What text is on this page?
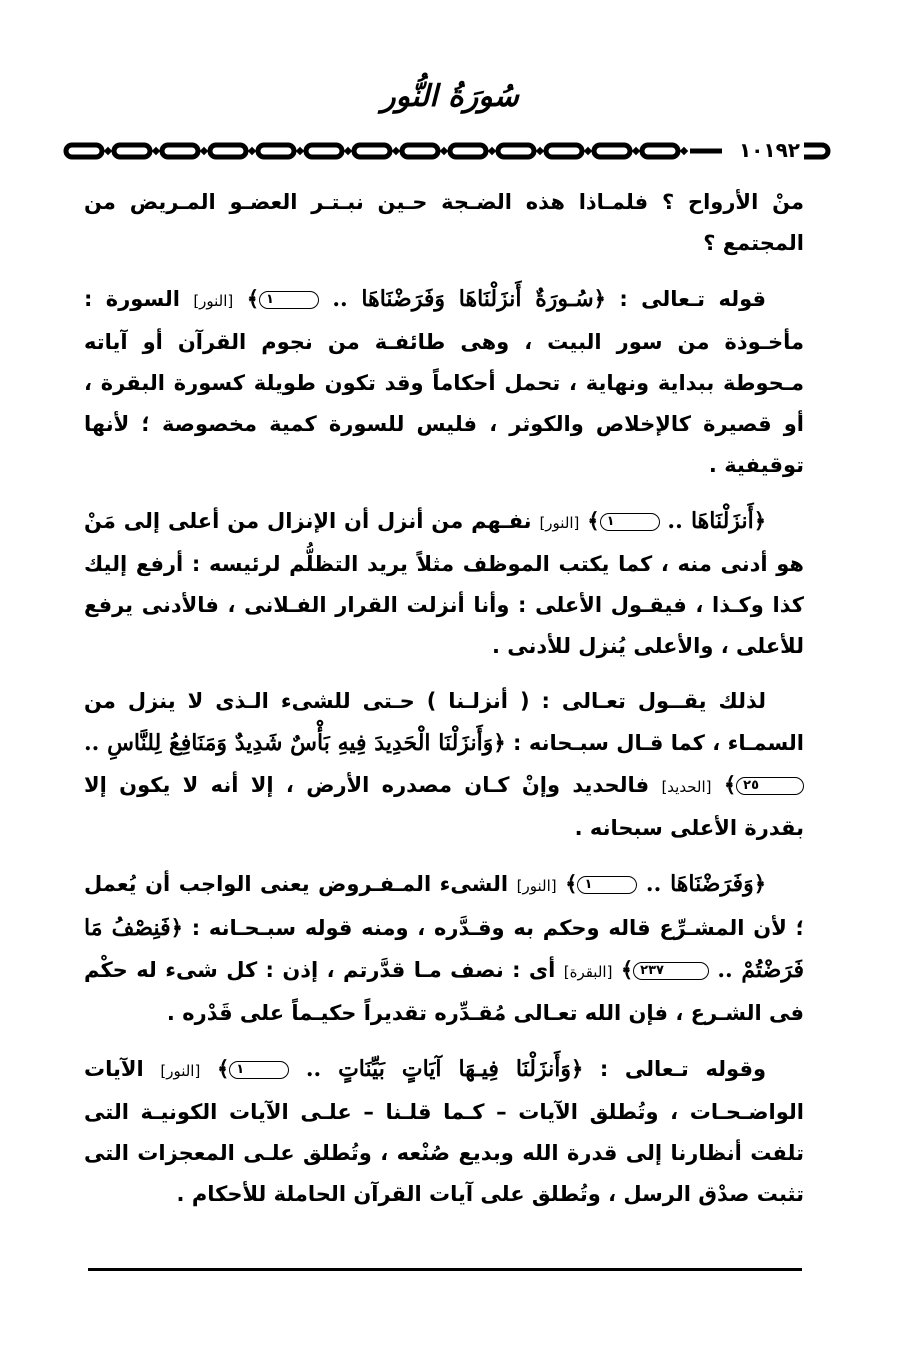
سُورَةُ النُّور
١٠١٩٢

منْ الأرواح ؟ فلمـاذا هذه الضـجة حـين نبـتـر العضـو المـريض من المجتمع ؟

قوله تـعالى : ﴿سُـورَةٌ أَنزَلْنَاهَا وَفَرَضْنَاهَا .. ١﴾ [النور] السورة : مأخـوذة من سور البيت ، وهى طائفـة من نجوم القرآن أو آياته مـحوطة ببداية ونهاية ، تحمل أحكاماً وقد تكون طويلة كسورة البقرة ، أو قصيرة كالإخلاص والكوثر ، فليس للسورة كمية مخصوصة ؛ لأنها توقيفية .

﴿أَنزَلْنَاهَا .. ١﴾ [النور] نفـهم من أنزل أن الإنزال من أعلى إلى مَنْ هو أدنى منه ، كما يكتب الموظف مثلاً يريد التظلُّم لرئيسه : أرفع إليك كذا وكـذا ، فيقـول الأعلى : وأنا أنزلت القرار الفـلانى ، فالأدنى يرفع للأعلى ، والأعلى يُنزل للأدنى .

لذلك يقــول تعـالى : ( أنزلـنا ) حـتى للشىء الـذى لا ينزل من السمـاء ، كما قـال سبـحانه : ﴿وَأَنزَلْنَا الْحَدِيدَ فِيهِ بَأْسٌ شَدِيدٌ وَمَنَافِعُ لِلنَّاسِ .. ٢٥﴾ [الحديد] فالحديد وإنْ كـان مصدره الأرض ، إلا أنه لا يكون إلا بقدرة الأعلى سبحانه .

﴿وَفَرَضْنَاهَا .. ١﴾ [النور] الشىء المـفـروض يعنى الواجب أن يُعمل ؛ لأن المشـرِّع قاله وحكم به وقـدَّره ، ومنه قوله سبـحـانه : ﴿فَنِصْفُ مَا فَرَضْتُمْ .. ٢٣٧﴾ [البقرة] أى : نصف مـا قدَّرتم ، إذن : كل شىء له حكْم فى الشـرع ، فإن الله تعـالى مُقـدِّره تقديراً حكيـماً على قَدْره .

وقوله تـعالى : ﴿وَأَنزَلْنَا فِيـهَا آيَاتٍ بَيِّنَاتٍ .. ١﴾ [النور] الآيات الواضـحـات ، وتُطلق الآيات – كـما قلـنا – علـى الآيات الكونيـة التى تلفت أنظارنا إلى قدرة الله وبديع صُنْعه ، وتُطلق علـى المعجزات التى تثبت صدْق الرسل ، وتُطلق على آيات القرآن الحاملة للأحكام .
